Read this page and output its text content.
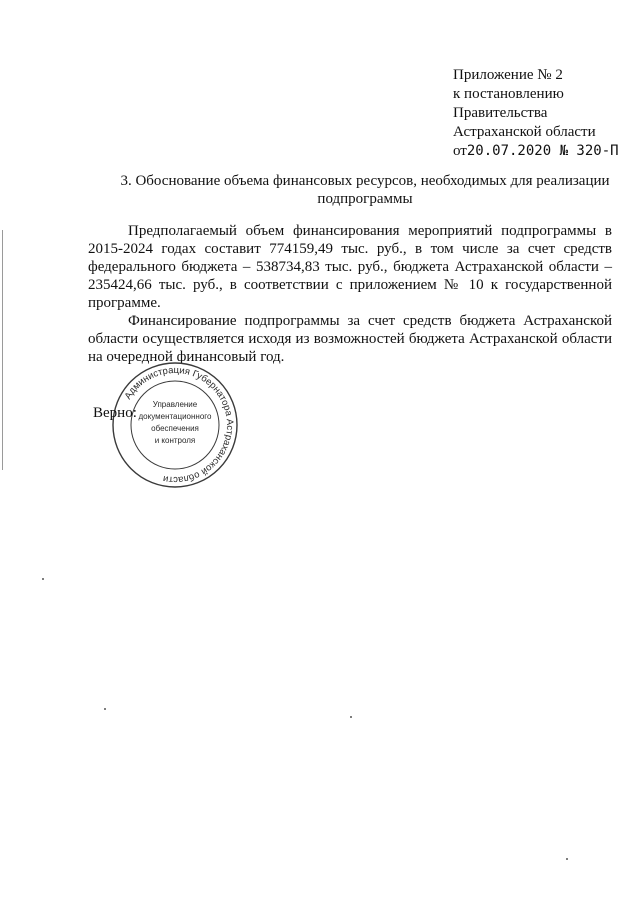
Приложение № 2
к постановлению
Правительства
Астраханской области
от20.07.2020 № 320-П
3. Обоснование объема финансовых ресурсов, необходимых для реализации подпрограммы

Предполагаемый объем финансирования мероприятий подпрограммы в 2015-2024 годах составит 774159,49 тыс. руб., в том числе за счет средств федерального бюджета – 538734,83 тыс. руб., бюджета Астраханской области – 235424,66 тыс. руб., в соответствии с приложением № 10 к государственной программе.

Финансирование подпрограммы за счет средств бюджета Астраханской области осуществляется исходя из возможностей бюджета Астраханской области на очередной финансовый год.

Администрация Губернатора Астраханской области
Управление
документационного
обеспечения
и контроля
Верно:
